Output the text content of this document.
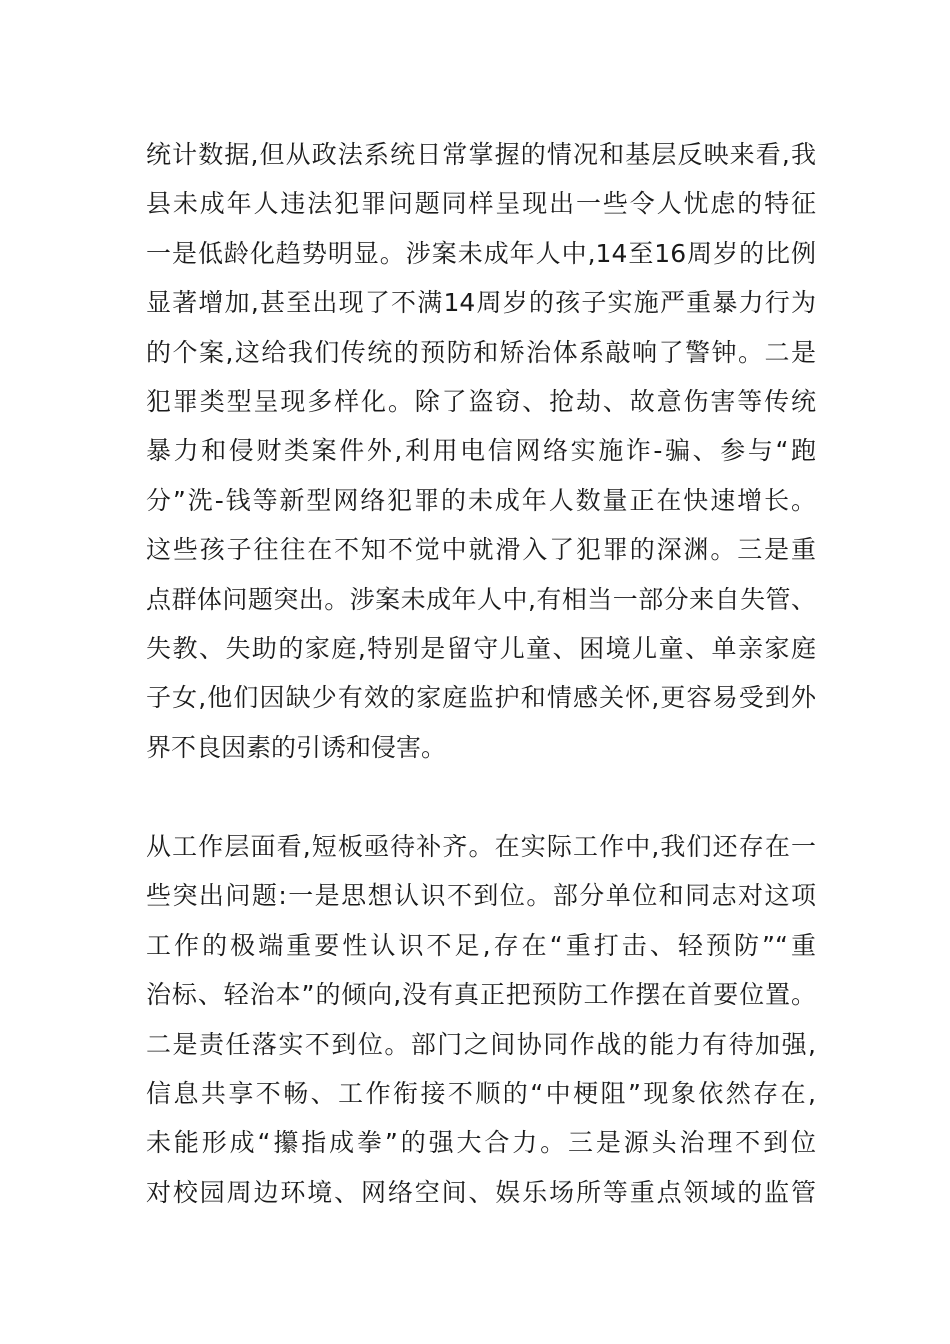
统计数据,但从政法系统日常掌握的情况和基层反映来看,我
县未成年人违法犯罪问题同样呈现出一些令人忧虑的特征
一是低龄化趋势明显。涉案未成年人中,14至16周岁的比例
显著增加,甚至出现了不满14周岁的孩子实施严重暴力行为
的个案,这给我们传统的预防和矫治体系敲响了警钟。二是
犯罪类型呈现多样化。除了盗窃、抢劫、故意伤害等传统
暴力和侵财类案件外,利用电信网络实施诈-骗、参与“跑
分”洗-钱等新型网络犯罪的未成年人数量正在快速增长。
这些孩子往往在不知不觉中就滑入了犯罪的深渊。三是重
点群体问题突出。涉案未成年人中,有相当一部分来自失管、
失教、失助的家庭,特别是留守儿童、困境儿童、单亲家庭
子女,他们因缺少有效的家庭监护和情感关怀,更容易受到外
界不良因素的引诱和侵害。
从工作层面看,短板亟待补齐。在实际工作中,我们还存在一
些突出问题:一是思想认识不到位。部分单位和同志对这项
工作的极端重要性认识不足,存在“重打击、轻预防”“重
治标、轻治本”的倾向,没有真正把预防工作摆在首要位置。
二是责任落实不到位。部门之间协同作战的能力有待加强,
信息共享不畅、工作衔接不顺的“中梗阻”现象依然存在,
未能形成“攥指成拳”的强大合力。三是源头治理不到位
对校园周边环境、网络空间、娱乐场所等重点领域的监管
